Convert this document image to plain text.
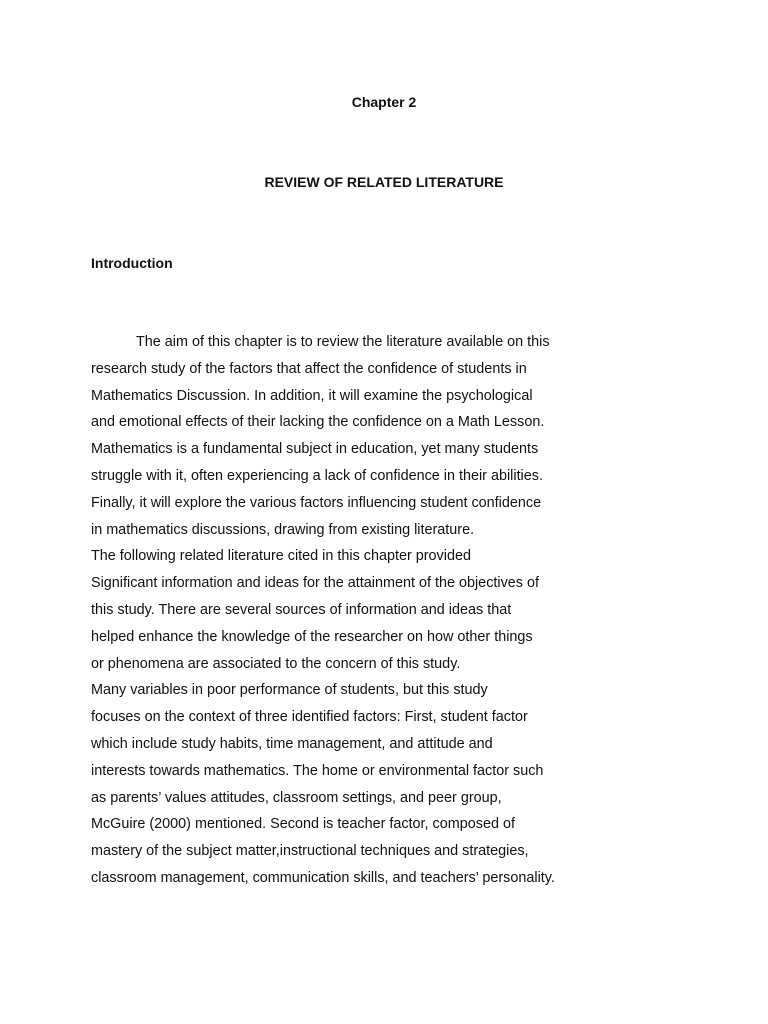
Chapter 2
REVIEW OF RELATED LITERATURE
Introduction
The aim of this chapter is to review the literature available on this
research study of the factors that affect the confidence of students in
Mathematics Discussion. In addition, it will examine the psychological
and emotional effects of their lacking the confidence on a Math Lesson.
Mathematics is a fundamental subject in education, yet many students
struggle with it, often experiencing a lack of confidence in their abilities.
Finally, it will explore the various factors influencing student confidence
in mathematics discussions, drawing from existing literature.
The following related literature cited in this chapter provided
Significant information and ideas for the attainment of the objectives of
this study. There are several sources of information and ideas that
helped enhance the knowledge of the researcher on how other things
or phenomena are associated to the concern of this study.
Many variables in poor performance of students, but this study
focuses on the context of three identified factors: First, student factor
which include study habits, time management, and attitude and
interests towards mathematics. The home or environmental factor such
as parents’ values attitudes, classroom settings, and peer group,
McGuire (2000) mentioned. Second is teacher factor, composed of
mastery of the subject matter,instructional techniques and strategies,
classroom management, communication skills, and teachers’ personality.
